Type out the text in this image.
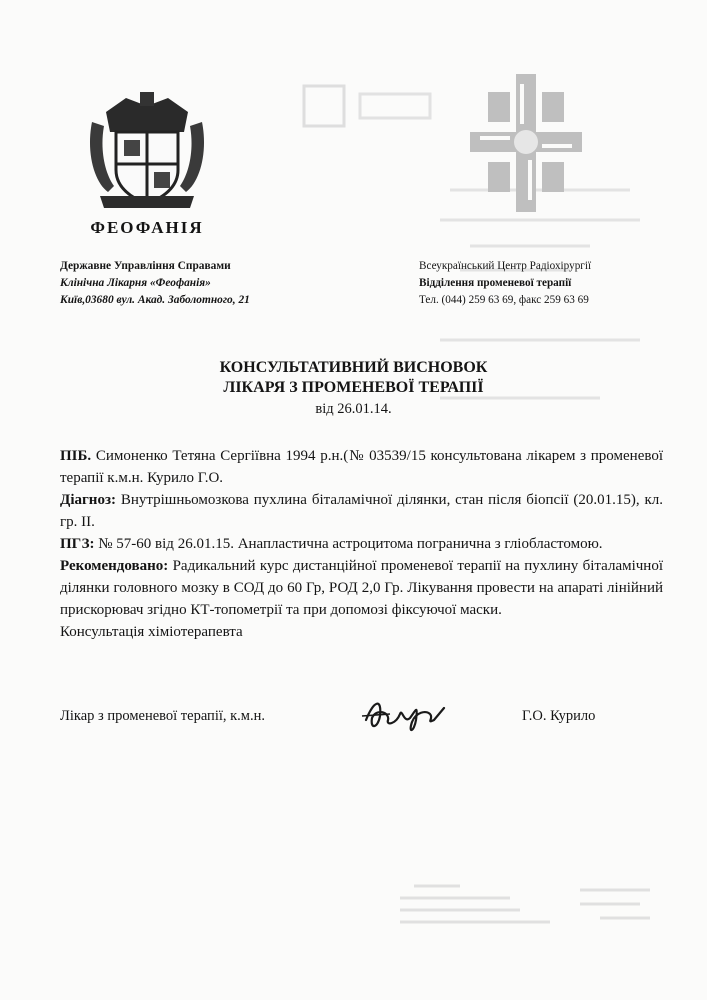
ФЕОФАНІЯ
Державне Управління Справами
Клінічна Лікарня «Феофанія»
Київ,03680 вул. Акад. Заболотного, 21
Всеукраїнський Центр Радіохірургії
Відділення променевої терапії
Тел. (044) 259 63 69, факс 259 63 69
КОНСУЛЬТАТИВНИЙ ВИСНОВОК
ЛІКАРЯ З ПРОМЕНЕВОЇ ТЕРАПІЇ
від 26.01.14.

ПІБ. Симоненко Тетяна Сергіївна 1994 р.н.(№ 03539/15 консультована лікарем з променевої терапії к.м.н. Курило Г.О.

Діагноз: Внутрішньомозкова пухлина біталамічної ділянки, стан після біопсії (20.01.15), кл. гр. ІІ.

ПГЗ: № 57-60 від 26.01.15. Анапластична астроцитома погранична з гліобластомою.

Рекомендовано: Радикальний курс дистанційної променевої терапії на пухлину біталамічної ділянки головного мозку в СОД до 60 Гр, РОД 2,0 Гр. Лікування провести на апараті лінійний прискорювач згідно КТ-топометрії та при допомозі фіксуючої маски.

Консультація хіміотерапевта

Лікар з променевої терапії, к.м.н.	Г.О. Курило
